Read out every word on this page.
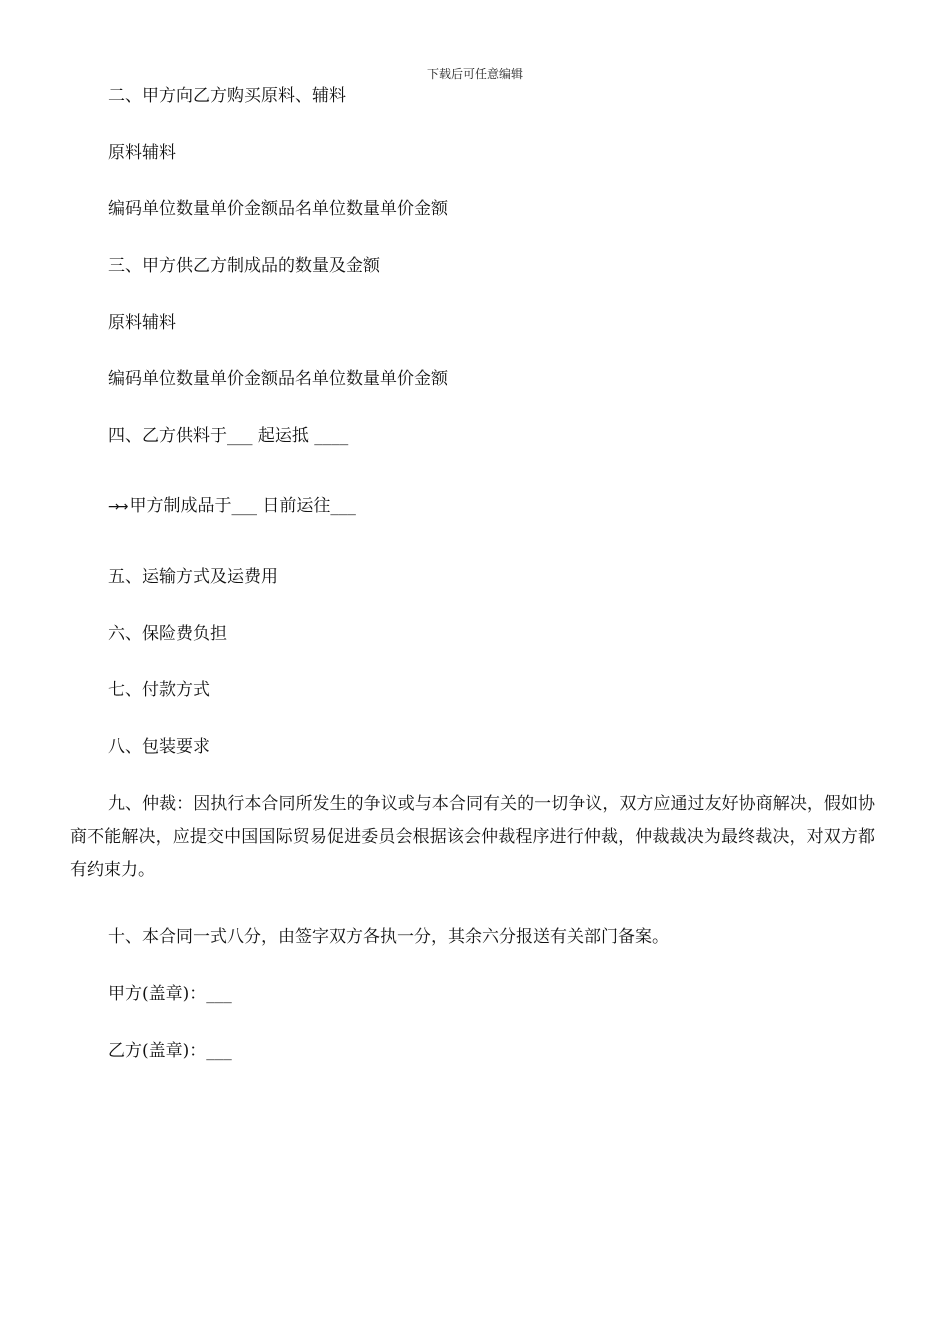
下载后可任意编辑
二、甲方向乙方购买原料、辅料
原料辅料
编码单位数量单价金额品名单位数量单价金额
三、甲方供乙方制成品的数量及金额
原料辅料
编码单位数量单价金额品名单位数量单价金额
四、乙方供料于___ 起运抵 ____
→→ 甲方制成品于___ 日前运往___
五、运输方式及运费用
六、保险费负担
七、付款方式
八、包装要求
九、仲裁：因执行本合同所发生的争议或与本合同有关的一切争议，双方应通过友好协商解决，假如协商不能解决，应提交中国国际贸易促进委员会根据该会仲裁程序进行仲裁，仲裁裁决为最终裁决，对双方都有约束力。
十、本合同一式八分，由签字双方各执一分，其余六分报送有关部门备案。
甲方(盖章)：___
乙方(盖章)：___
